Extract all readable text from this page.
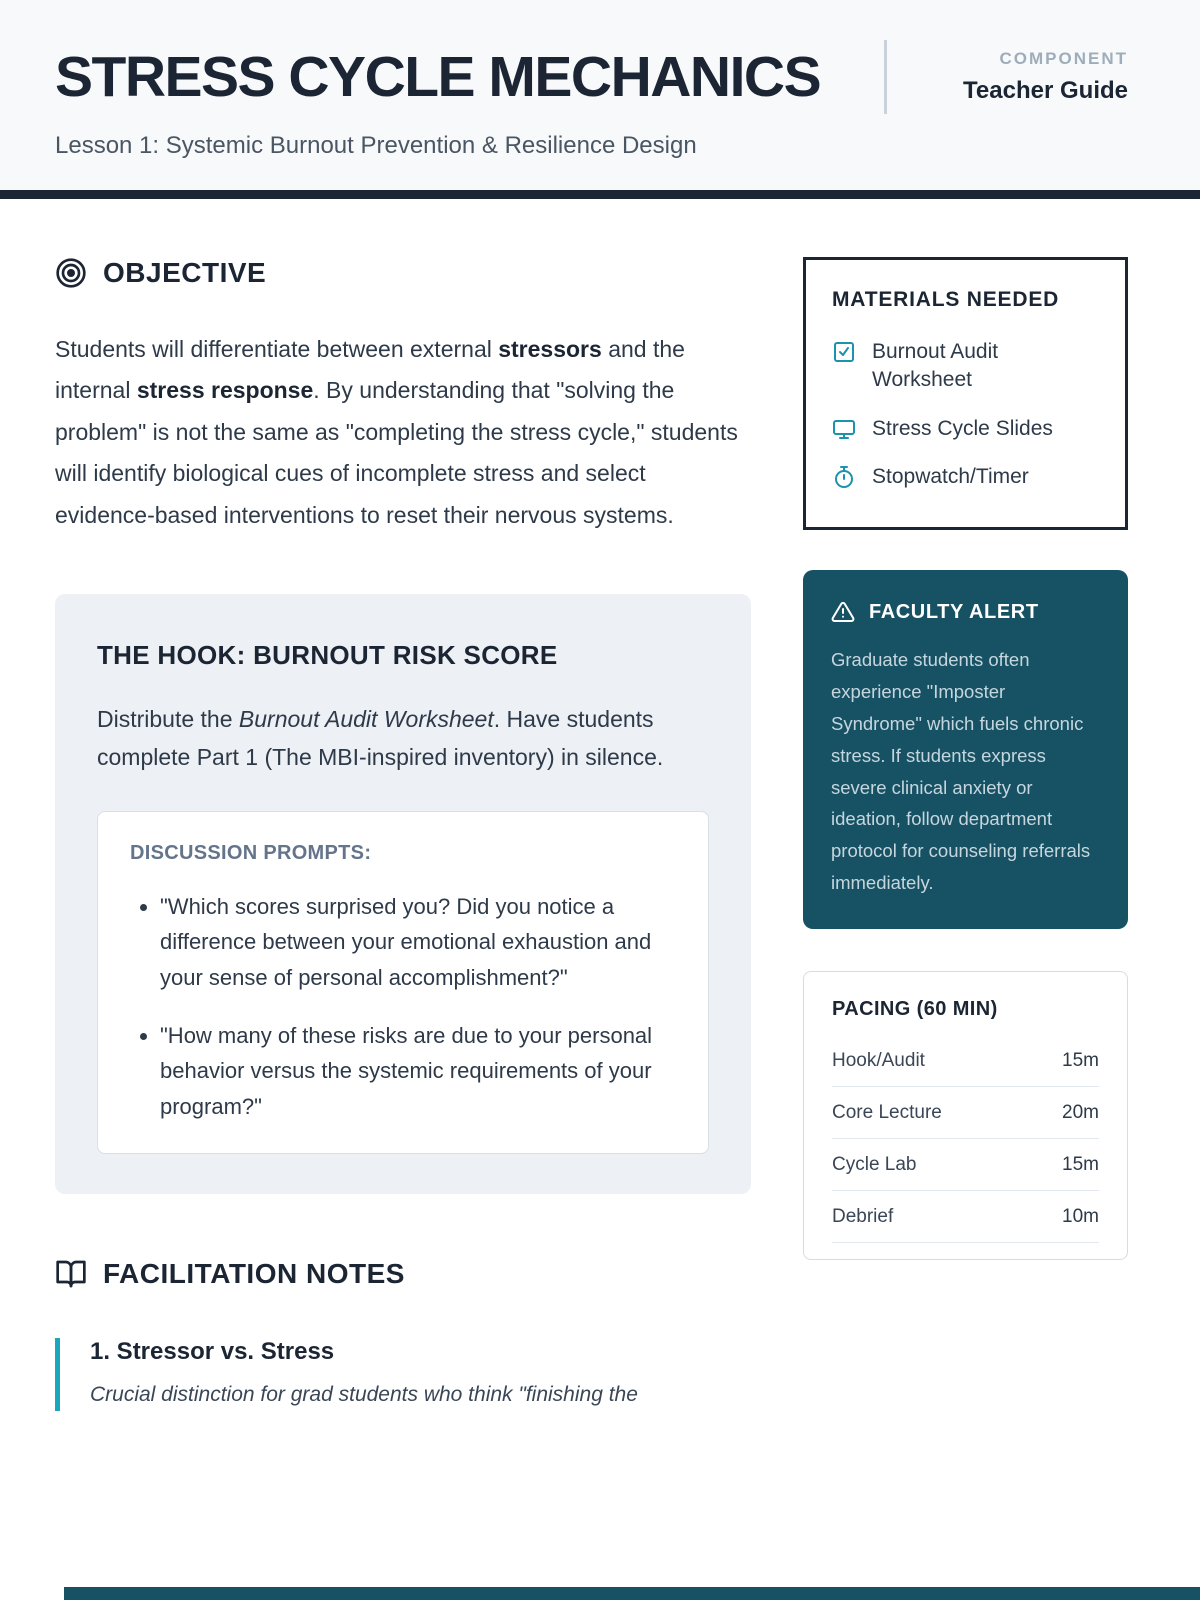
STRESS CYCLE MECHANICS	COMPONENT
Teacher Guide
Lesson 1: Systemic Burnout Prevention & Resilience Design
OBJECTIVE

Students will differentiate between external stressors and the internal stress response. By understanding that "solving the problem" is not the same as "completing the stress cycle," students will identify biological cues of incomplete stress and select evidence-based interventions to reset their nervous systems.

THE HOOK: BURNOUT RISK SCORE

Distribute the Burnout Audit Worksheet. Have students complete Part 1 (The MBI-inspired inventory) in silence.

DISCUSSION PROMPTS:
• "Which scores surprised you? Did you notice a difference between your emotional exhaustion and your sense of personal accomplishment?"
• "How many of these risks are due to your personal behavior versus the systemic requirements of your program?"
FACILITATION NOTES
1. Stressor vs. Stress
Crucial distinction for grad students who think "finishing the
MATERIALS NEEDED
Burnout Audit Worksheet
Stress Cycle Slides
Stopwatch/Timer
FACULTY ALERT

Graduate students often experience "Imposter Syndrome" which fuels chronic stress. If students express severe clinical anxiety or ideation, follow department protocol for counseling referrals immediately.

PACING (60 MIN)
Hook/Audit	15m
Core Lecture	20m
Cycle Lab	15m
Debrief	10m
